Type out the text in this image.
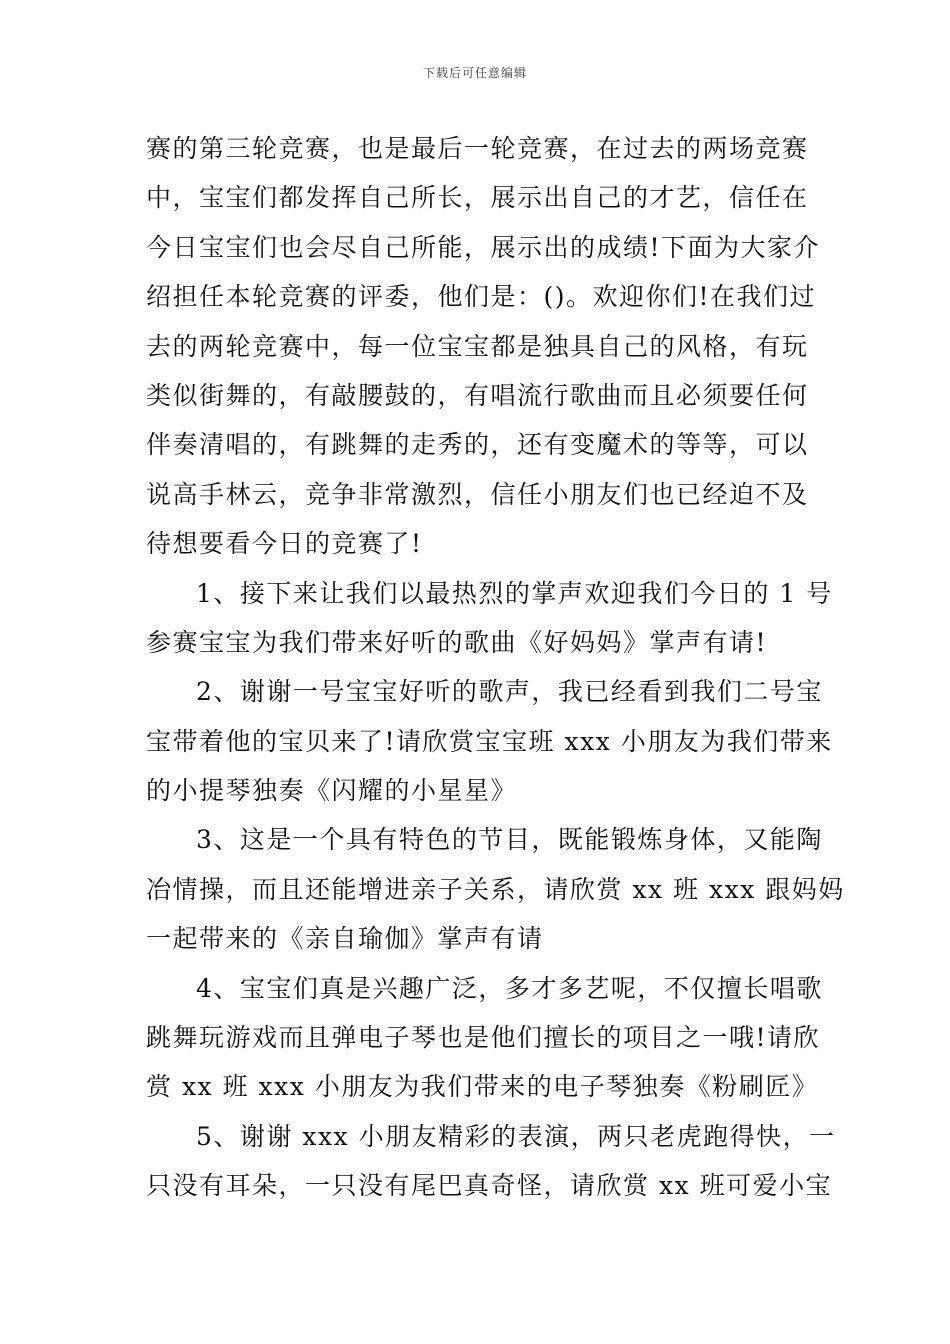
下载后可任意编辑
赛的第三轮竞赛，也是最后一轮竞赛，在过去的两场竞赛
中，宝宝们都发挥自己所长，展示出自己的才艺，信任在
今日宝宝们也会尽自己所能，展示出的成绩!下面为大家介
绍担任本轮竞赛的评委，他们是：()。欢迎你们!在我们过
去的两轮竞赛中，每一位宝宝都是独具自己的风格，有玩
类似街舞的，有敲腰鼓的，有唱流行歌曲而且必须要任何
伴奏清唱的，有跳舞的走秀的，还有变魔术的等等，可以
说高手林云，竞争非常激烈，信任小朋友们也已经迫不及
待想要看今日的竞赛了!
1、接下来让我们以最热烈的掌声欢迎我们今日的 1 号
参赛宝宝为我们带来好听的歌曲《好妈妈》掌声有请!
2、谢谢一号宝宝好听的歌声，我已经看到我们二号宝
宝带着他的宝贝来了!请欣赏宝宝班 xxx 小朋友为我们带来
的小提琴独奏《闪耀的小星星》
3、这是一个具有特色的节目，既能锻炼身体，又能陶
冶情操，而且还能增进亲子关系，请欣赏 xx 班 xxx 跟妈妈
一起带来的《亲自瑜伽》掌声有请
4、宝宝们真是兴趣广泛，多才多艺呢，不仅擅长唱歌
跳舞玩游戏而且弹电子琴也是他们擅长的项目之一哦!请欣
赏 xx 班 xxx 小朋友为我们带来的电子琴独奏《粉刷匠》
5、谢谢 xxx 小朋友精彩的表演，两只老虎跑得快，一
只没有耳朵，一只没有尾巴真奇怪，请欣赏 xx 班可爱小宝
